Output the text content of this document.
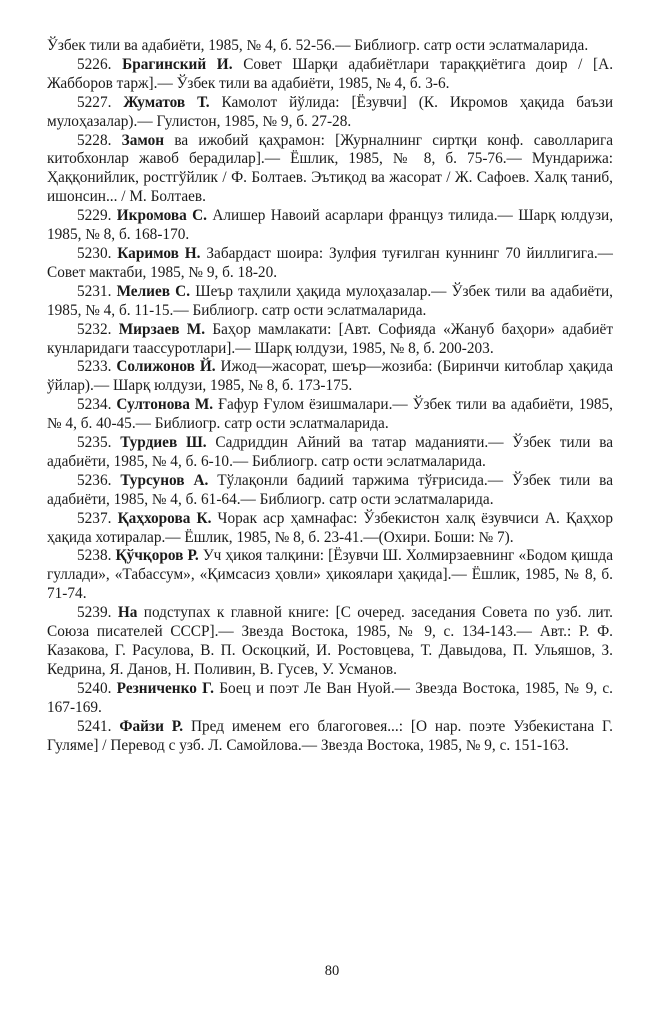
Ўзбек тили ва адабиёти, 1985, № 4, б. 52-56.— Библиогр. сатр ости эслатмаларида.

5226. Брагинский И. Совет Шарқи адабиётлари тараққиётига доир / [А. Жабборов тарж].— Ўзбек тили ва адабиёти, 1985, № 4, б. 3-6.

5227. Жуматов Т. Камолот йўлида: [Ёзувчи] (К. Икромов ҳақида баъзи мулоҳазалар).— Гулистон, 1985, № 9, б. 27-28.

5228. Замон ва ижобий қаҳрамон: [Журналнинг сиртқи конф. саволларига китобхонлар жавоб берадилар].— Ёшлик, 1985, № 8, б. 75-76.— Мундарижа: Ҳаққонийлик, ростгўйлик / Ф. Болтаев. Эътиқод ва жасорат / Ж. Сафоев. Халқ таниб, ишонсин... / М. Болтаев.

5229. Икромова С. Алишер Навоий асарлари француз тилида.— Шарқ юлдузи, 1985, № 8, б. 168-170.

5230. Каримов Н. Забардаст шоира: Зулфия туғилган куннинг 70 йиллигига.— Совет мактаби, 1985, № 9, б. 18-20.

5231. Мелиев С. Шеър таҳлили ҳақида мулоҳазалар.— Ўзбек тили ва адабиёти, 1985, № 4, б. 11-15.— Библиогр. сатр ости эслатмаларида.

5232. Мирзаев М. Баҳор мамлакати: [Авт. Софияда «Жануб баҳори» адабиёт кунларидаги таассуротлари].— Шарқ юлдузи, 1985, № 8, б. 200-203.

5233. Солижонов Й. Ижод—жасорат, шеър—жозиба: (Биринчи китоблар ҳақида ўйлар).— Шарқ юлдузи, 1985, № 8, б. 173-175.

5234. Султонова М. Ғафур Ғулом ёзишмалари.— Ўзбек тили ва адабиёти, 1985, № 4, б. 40-45.— Библиогр. сатр ости эслатмаларида.

5235. Турдиев Ш. Садриддин Айний ва татар маданияти.— Ўзбек тили ва адабиёти, 1985, № 4, б. 6-10.— Библиогр. сатр ости эслатмаларида.

5236. Турсунов А. Тўлақонли бадиий таржима тўғрисида.— Ўзбек тили ва адабиёти, 1985, № 4, б. 61-64.— Библиогр. сатр ости эслатмаларида.

5237. Қаҳхорова К. Чорак аср ҳамнафас: Ўзбекистон халқ ёзувчиси А. Қаҳхор ҳақида хотиралар.— Ёшлик, 1985, № 8, б. 23-41.—(Охири. Боши: № 7).

5238. Қўчқоров Р. Уч ҳикоя талқини: [Ёзувчи Ш. Холмирзаевнинг «Бодом қишда гуллади», «Табассум», «Қимсасиз ҳовли» ҳикоялари ҳақида].— Ёшлик, 1985, № 8, б. 71-74.

5239. На подступах к главной книге: [С очеред. заседания Совета по узб. лит. Союза писателей СССР].— Звезда Востока, 1985, № 9, с. 134-143.— Авт.: Р. Ф. Казакова, Г. Расулова, В. П. Оскоцкий, И. Ростовцева, Т. Давыдова, П. Ульяшов, З. Кедрина, Я. Данов, Н. Поливин, В. Гусев, У. Усманов.

5240. Резниченко Г. Боец и поэт Ле Ван Нуой.— Звезда Востока, 1985, № 9, с. 167-169.

5241. Файзи Р. Пред именем его благоговея...: [О нар. поэте Узбекистана Г. Гуляме] / Перевод с узб. Л. Самойлова.— Звезда Востока, 1985, № 9, с. 151-163.

80
